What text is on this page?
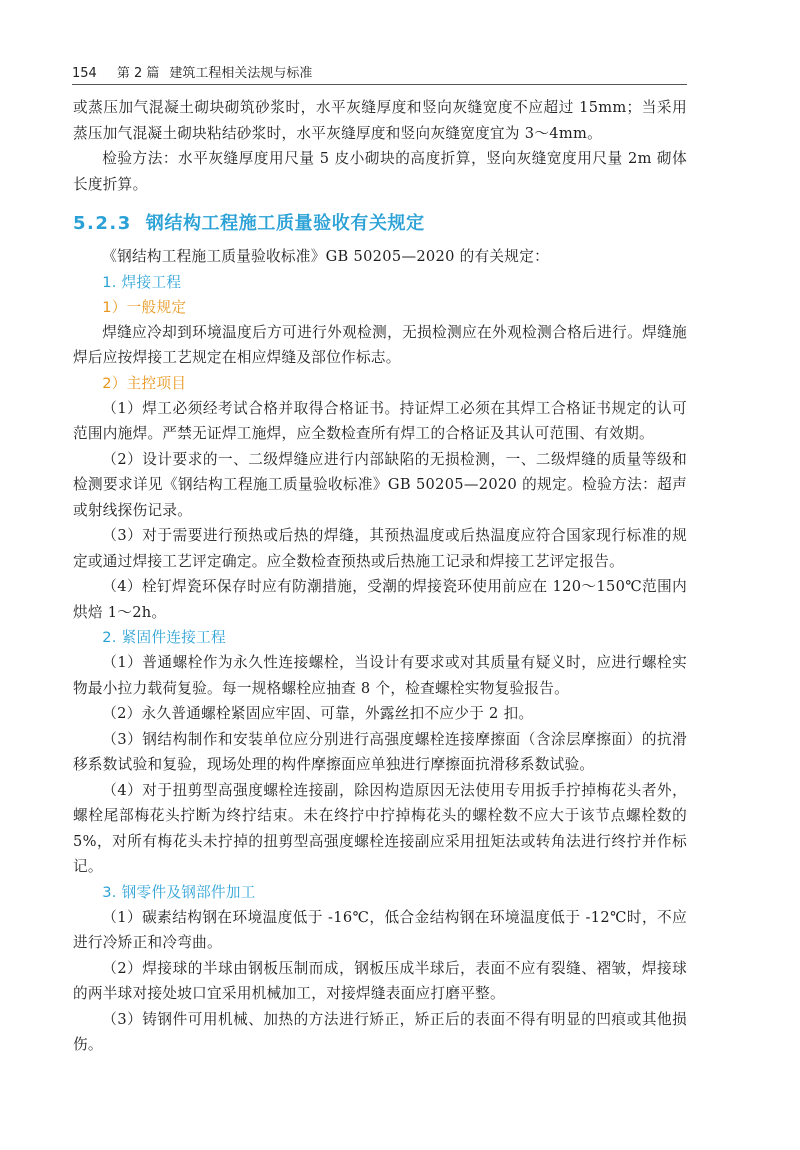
154 第 2 篇 建筑工程相关法规与标准

或蒸压加气混凝土砌块砌筑砂浆时，水平灰缝厚度和竖向灰缝宽度不应超过 15mm；当采用蒸压加气混凝土砌块粘结砂浆时，水平灰缝厚度和竖向灰缝宽度宜为 3～4mm。

检验方法：水平灰缝厚度用尺量 5 皮小砌块的高度折算，竖向灰缝宽度用尺量 2m 砌体长度折算。

5.2.3 钢结构工程施工质量验收有关规定

《钢结构工程施工质量验收标准》GB 50205—2020 的有关规定：

1. 焊接工程

1）一般规定

焊缝应冷却到环境温度后方可进行外观检测，无损检测应在外观检测合格后进行。焊缝施焊后应按焊接工艺规定在相应焊缝及部位作标志。

2）主控项目

（1）焊工必须经考试合格并取得合格证书。持证焊工必须在其焊工合格证书规定的认可范围内施焊。严禁无证焊工施焊，应全数检查所有焊工的合格证及其认可范围、有效期。

（2）设计要求的一、二级焊缝应进行内部缺陷的无损检测，一、二级焊缝的质量等级和检测要求详见《钢结构工程施工质量验收标准》GB 50205—2020 的规定。检验方法：超声或射线探伤记录。

（3）对于需要进行预热或后热的焊缝，其预热温度或后热温度应符合国家现行标准的规定或通过焊接工艺评定确定。应全数检查预热或后热施工记录和焊接工艺评定报告。

（4）栓钉焊瓷环保存时应有防潮措施，受潮的焊接瓷环使用前应在 120～150℃范围内烘焙 1～2h。

2. 紧固件连接工程

（1）普通螺栓作为永久性连接螺栓，当设计有要求或对其质量有疑义时，应进行螺栓实物最小拉力载荷复验。每一规格螺栓应抽查 8 个，检查螺栓实物复验报告。

（2）永久普通螺栓紧固应牢固、可靠，外露丝扣不应少于 2 扣。

（3）钢结构制作和安装单位应分别进行高强度螺栓连接摩擦面（含涂层摩擦面）的抗滑移系数试验和复验，现场处理的构件摩擦面应单独进行摩擦面抗滑移系数试验。

（4）对于扭剪型高强度螺栓连接副，除因构造原因无法使用专用扳手拧掉梅花头者外，螺栓尾部梅花头拧断为终拧结束。未在终拧中拧掉梅花头的螺栓数不应大于该节点螺栓数的 5%，对所有梅花头未拧掉的扭剪型高强度螺栓连接副应采用扭矩法或转角法进行终拧并作标记。

3. 钢零件及钢部件加工

（1）碳素结构钢在环境温度低于 -16℃，低合金结构钢在环境温度低于 -12℃时，不应进行冷矫正和冷弯曲。

（2）焊接球的半球由钢板压制而成，钢板压成半球后，表面不应有裂缝、褶皱，焊接球的两半球对接处坡口宜采用机械加工，对接焊缝表面应打磨平整。

（3）铸钢件可用机械、加热的方法进行矫正，矫正后的表面不得有明显的凹痕或其他损伤。
